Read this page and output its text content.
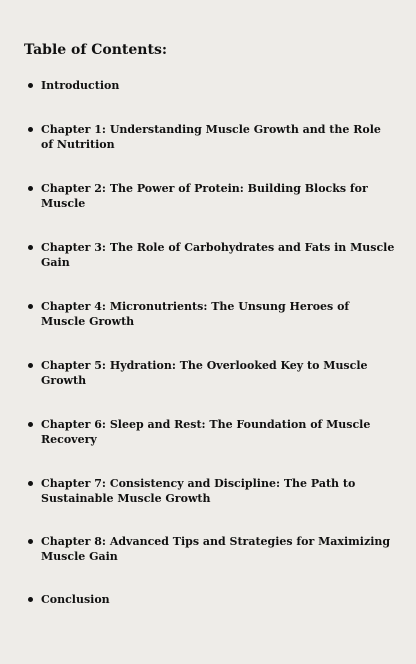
Table of Contents:
Introduction
Chapter 1: Understanding Muscle Growth and the Role of Nutrition
Chapter 2: The Power of Protein: Building Blocks for Muscle
Chapter 3: The Role of Carbohydrates and Fats in Muscle Gain
Chapter 4: Micronutrients: The Unsung Heroes of Muscle Growth
Chapter 5: Hydration: The Overlooked Key to Muscle Growth
Chapter 6: Sleep and Rest: The Foundation of Muscle Recovery
Chapter 7: Consistency and Discipline: The Path to Sustainable Muscle Growth
Chapter 8: Advanced Tips and Strategies for Maximizing Muscle Gain
Conclusion
